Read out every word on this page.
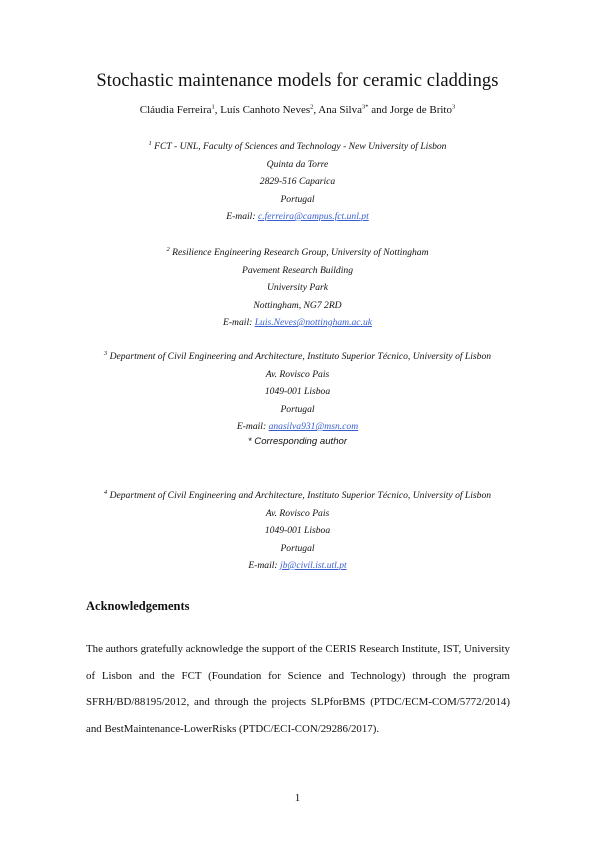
Stochastic maintenance models for ceramic claddings
Cláudia Ferreira$^1$, Luís Canhoto Neves$^2$, Ana Silva$^{3*}$ and Jorge de Brito$^3$
$^1$ FCT - UNL, Faculty of Sciences and Technology - New University of Lisbon
Quinta da Torre
2829-516 Caparica
Portugal
E-mail: c.ferreira@campus.fct.unl.pt
$^2$ Resilience Engineering Research Group, University of Nottingham
Pavement Research Building
University Park
Nottingham, NG7 2RD
E-mail: Luis.Neves@nottingham.ac.uk
$^3$ Department of Civil Engineering and Architecture, Instituto Superior Técnico, University of Lisbon
Av. Rovisco Pais
1049-001 Lisboa
Portugal
E-mail: anasilva931@msn.com
* Corresponding author
$^4$ Department of Civil Engineering and Architecture, Instituto Superior Técnico, University of Lisbon
Av. Rovisco Pais
1049-001 Lisboa
Portugal
E-mail: jb@civil.ist.utl.pt
Acknowledgements
The authors gratefully acknowledge the support of the CERIS Research Institute, IST, University
of Lisbon and the FCT (Foundation for Science and Technology) through the program
SFRH/BD/88195/2012, and through the projects SLPforBMS (PTDC/ECM-COM/5772/2014)
and BestMaintenance-LowerRisks (PTDC/ECI-CON/29286/2017).
1
